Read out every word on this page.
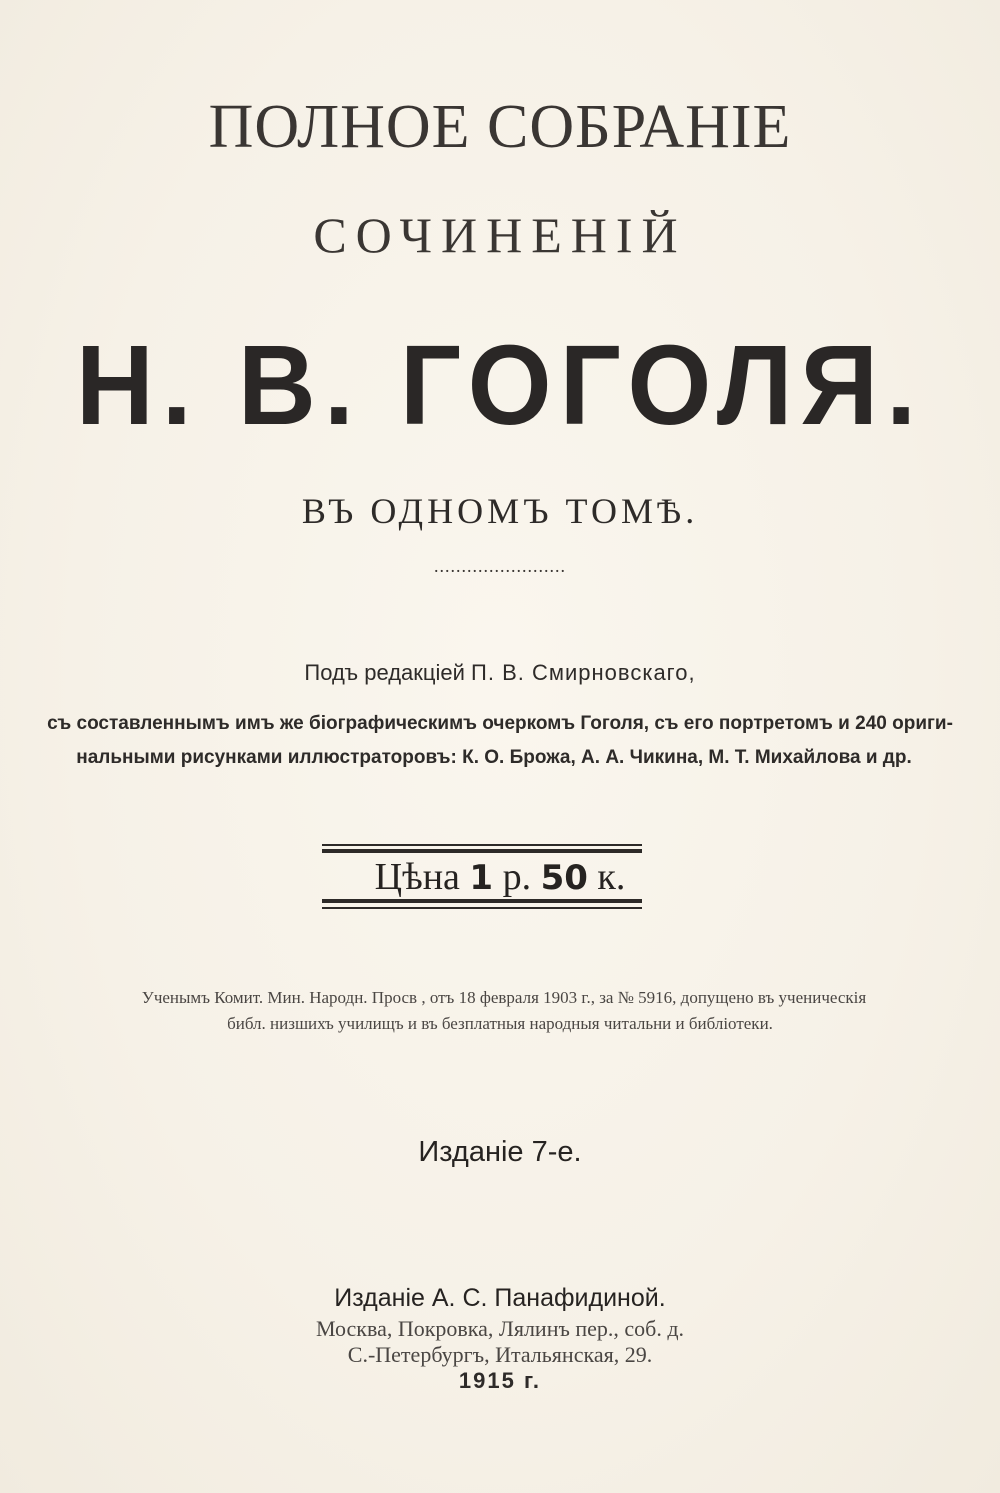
ПОЛНОЕ СОБРАНІЕ
СОЧИНЕНІЙ
Н. В. ГОГОЛЯ.
ВЪ ОДНОМЪ ТОМѢ.
........................
Подъ редакціей П. В. Смирновскаго,
съ составленнымъ имъ же біографическимъ очеркомъ Гоголя, съ его портретомъ и 240 ориги-
нальными рисунками иллюстраторовъ: К. О. Брожа, А. А. Чикина, М. Т. Михайлова и др.
Цѣна 1 р. 50 к.
Ученымъ Комит. Мин. Народн. Просв , отъ 18 февраля 1903 г., за № 5916, допущено въ ученическія
библ. низшихъ училищъ и въ безплатныя народныя читальни и библіотеки.
Изданіе 7-е.
Изданіе А. С. Панафидиной.
Москва, Покровка, Лялинъ пер., соб. д.
С.-Петербургъ, Итальянская, 29.
1915 г.
